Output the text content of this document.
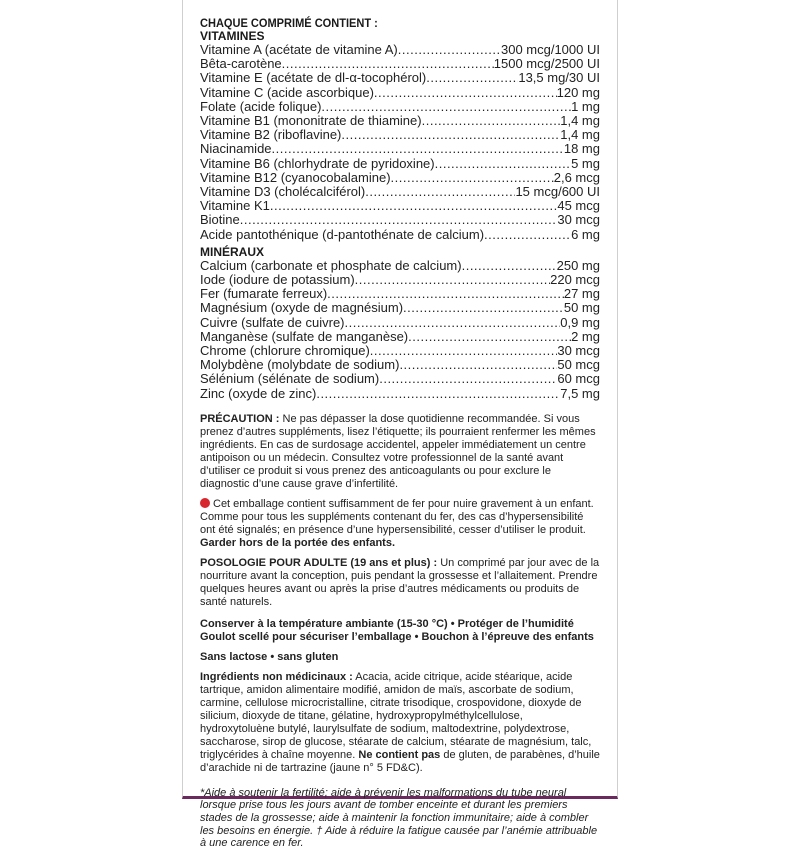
CHAQUE COMPRIMÉ CONTIENT :
VITAMINES
Vitamine A (acétate de vitamine A) .....	300 mcg/1000 UI
Bêta-carotène .....	1500 mcg/2500 UI
Vitamine E (acétate de dl-α-tocophérol) .....	13,5 mg/30 UI
Vitamine C (acide ascorbique) .....	120 mg
Folate (acide folique) .....	1 mg
Vitamine B1 (mononitrate de thiamine) .....	1,4 mg
Vitamine B2 (riboflavine) .....	1,4 mg
Niacinamide .....	18 mg
Vitamine B6 (chlorhydrate de pyridoxine) .....	5 mg
Vitamine B12 (cyanocobalamine) .....	2,6 mcg
Vitamine D3 (cholécalciférol) .....	15 mcg/600 UI
Vitamine K1 .....	45 mcg
Biotine .....	30 mcg
Acide pantothénique (d-pantothénate de calcium) .....	6 mg
MINÉRAUX
Calcium (carbonate et phosphate de calcium) .....	250 mg
Iode (iodure de potassium) .....	220 mcg
Fer (fumarate ferreux) .....	27 mg
Magnésium (oxyde de magnésium) .....	50 mg
Cuivre (sulfate de cuivre) .....	0,9 mg
Manganèse (sulfate de manganèse) .....	2 mg
Chrome (chlorure chromique) .....	30 mcg
Molybdène (molybdate de sodium) .....	50 mcg
Sélénium (sélénate de sodium) .....	60 mcg
Zinc (oxyde de zinc) .....	7,5 mg

PRÉCAUTION : Ne pas dépasser la dose quotidienne recommandée. Si vous prenez d’autres suppléments, lisez l’étiquette; ils pourraient renfermer les mêmes ingrédients. En cas de surdosage accidentel, appeler immédiatement un centre antipoison ou un médecin. Consultez votre professionnel de la santé avant d’utiliser ce produit si vous prenez des anticoagulants ou pour exclure le diagnostic d’une cause grave d’infertilité.

Cet emballage contient suffisamment de fer pour nuire gravement à un enfant. Comme pour tous les suppléments contenant du fer, des cas d’hypersensibilité ont été signalés; en présence d’une hypersensibilité, cesser d’utiliser le produit. Garder hors de la portée des enfants.

POSOLOGIE POUR ADULTE (19 ans et plus) : Un comprimé par jour avec de la nourriture avant la conception, puis pendant la grossesse et l’allaitement. Prendre quelques heures avant ou après la prise d’autres médicaments ou produits de santé naturels.

Conserver à la température ambiante (15-30 °C) • Protéger de l’humidité

Goulot scellé pour sécuriser l’emballage • Bouchon à l’épreuve des enfants

Sans lactose • sans gluten

Ingrédients non médicinaux : Acacia, acide citrique, acide stéarique, acide tartrique, amidon alimentaire modifié, amidon de maïs, ascorbate de sodium, carmine, cellulose microcristalline, citrate trisodique, crospovidone, dioxyde de silicium, dioxyde de titane, gélatine, hydroxypropylméthylcellulose, hydroxytoluène butylé, laurylsulfate de sodium, maltodextrine, polydextrose, saccharose, sirop de glucose, stéarate de calcium, stéarate de magnésium, talc, triglycérides à chaîne moyenne. Ne contient pas de gluten, de parabènes, d’huile d’arachide ni de tartrazine (jaune n° 5 FD&C).

*Aide à soutenir la fertilité; aide à prévenir les malformations du tube neural lorsque prise tous les jours avant de tomber enceinte et durant les premiers stades de la grossesse; aide à maintenir la fonction immunitaire; aide à combler les besoins en énergie. † Aide à réduire la fatigue causée par l’anémie attribuable à une carence en fer.
